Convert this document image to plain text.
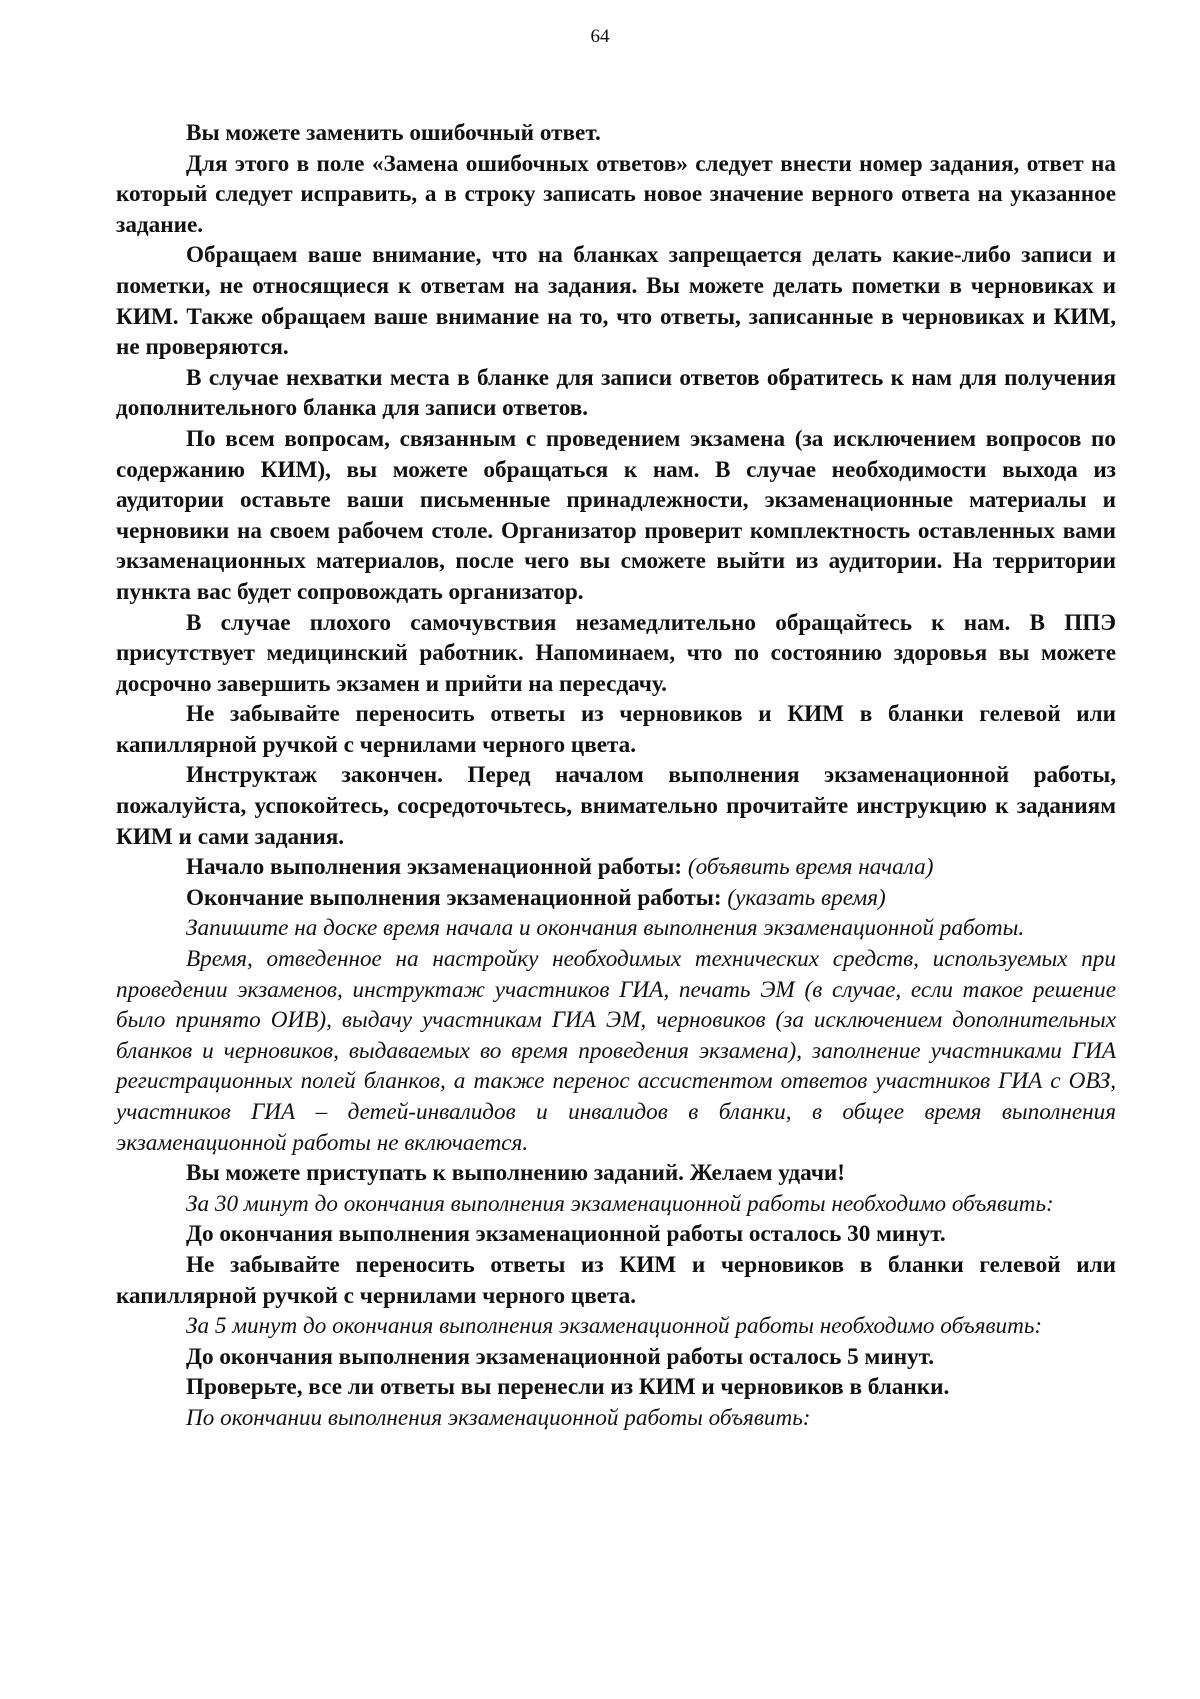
64

Вы можете заменить ошибочный ответ.

Для этого в поле «Замена ошибочных ответов» следует внести номер задания, ответ на который следует исправить, а в строку записать новое значение верного ответа на указанное задание.

Обращаем ваше внимание, что на бланках запрещается делать какие-либо записи и пометки, не относящиеся к ответам на задания. Вы можете делать пометки в черновиках и КИМ. Также обращаем ваше внимание на то, что ответы, записанные в черновиках и КИМ, не проверяются.

В случае нехватки места в бланке для записи ответов обратитесь к нам для получения дополнительного бланка для записи ответов.

По всем вопросам, связанным с проведением экзамена (за исключением вопросов по содержанию КИМ), вы можете обращаться к нам. В случае необходимости выхода из аудитории оставьте ваши письменные принадлежности, экзаменационные материалы и черновики на своем рабочем столе. Организатор проверит комплектность оставленных вами экзаменационных материалов, после чего вы сможете выйти из аудитории. На территории пункта вас будет сопровождать организатор.

В случае плохого самочувствия незамедлительно обращайтесь к нам. В ППЭ присутствует медицинский работник. Напоминаем, что по состоянию здоровья вы можете досрочно завершить экзамен и прийти на пересдачу.

Не забывайте переносить ответы из черновиков и КИМ в бланки гелевой или капиллярной ручкой с чернилами черного цвета.

Инструктаж закончен. Перед началом выполнения экзаменационной работы, пожалуйста, успокойтесь, сосредоточьтесь, внимательно прочитайте инструкцию к заданиям КИМ и сами задания.

Начало выполнения экзаменационной работы: (объявить время начала)

Окончание выполнения экзаменационной работы: (указать время)

Запишите на доске время начала и окончания выполнения экзаменационной работы.

Время, отведенное на настройку необходимых технических средств, используемых при проведении экзаменов, инструктаж участников ГИА, печать ЭМ (в случае, если такое решение было принято ОИВ), выдачу участникам ГИА ЭМ, черновиков (за исключением дополнительных бланков и черновиков, выдаваемых во время проведения экзамена), заполнение участниками ГИА регистрационных полей бланков, а также перенос ассистентом ответов участников ГИА с ОВЗ, участников ГИА – детей-инвалидов и инвалидов в бланки, в общее время выполнения экзаменационной работы не включается.

Вы можете приступать к выполнению заданий. Желаем удачи!

За 30 минут до окончания выполнения экзаменационной работы необходимо объявить:

До окончания выполнения экзаменационной работы осталось 30 минут.

Не забывайте переносить ответы из КИМ и черновиков в бланки гелевой или капиллярной ручкой с чернилами черного цвета.

За 5 минут до окончания выполнения экзаменационной работы необходимо объявить:

До окончания выполнения экзаменационной работы осталось 5 минут.

Проверьте, все ли ответы вы перенесли из КИМ и черновиков в бланки.

По окончании выполнения экзаменационной работы объявить:
